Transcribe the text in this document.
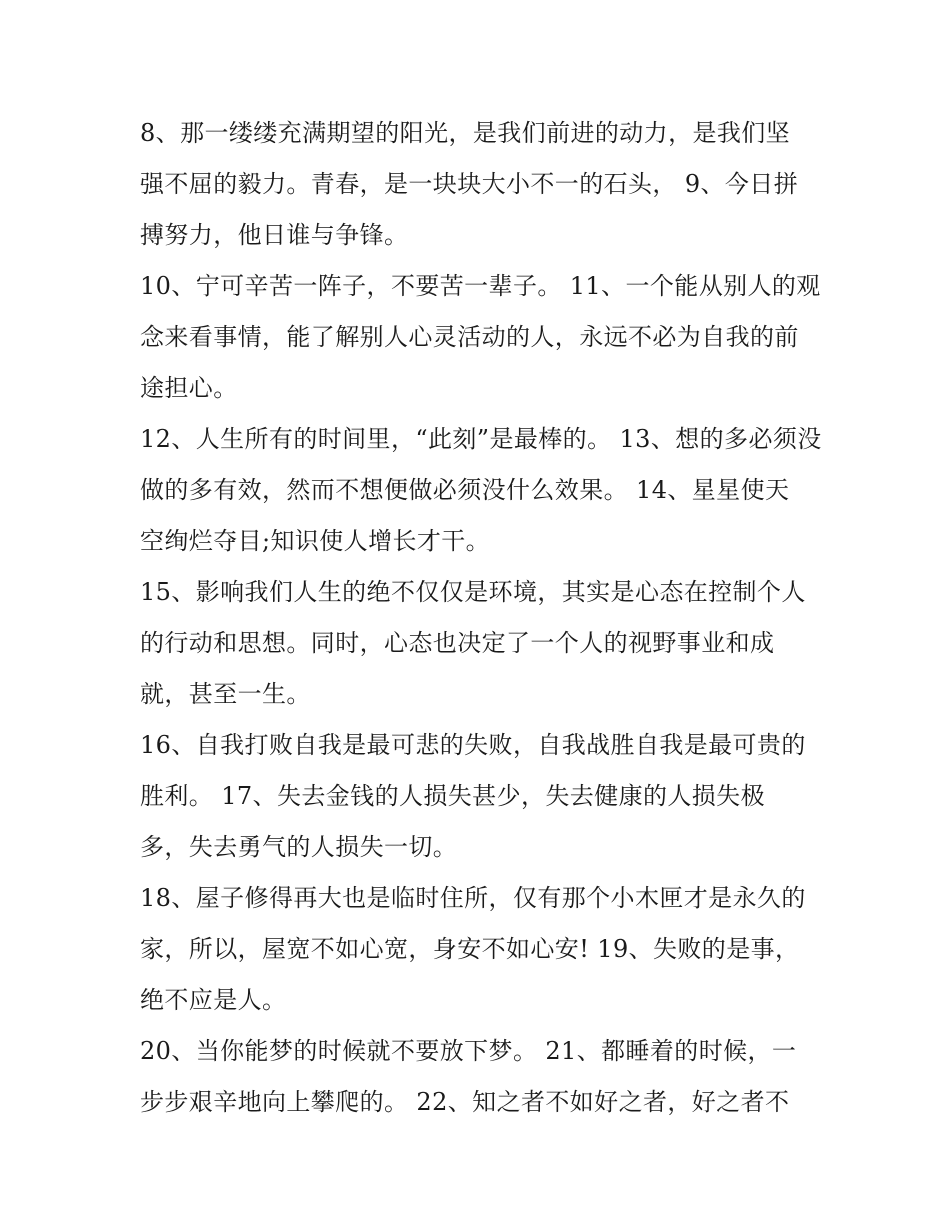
8、那一缕缕充满期望的阳光，是我们前进的动力，是我们坚
强不屈的毅力。青春，是一块块大小不一的石头， 9、今日拼
搏努力，他日谁与争锋。
10、宁可辛苦一阵子，不要苦一辈子。 11、一个能从别人的观
念来看事情，能了解别人心灵活动的人，永远不必为自我的前
途担心。
12、人生所有的时间里，“此刻”是最棒的。 13、想的多必须没
做的多有效，然而不想便做必须没什么效果。 14、星星使天
空绚烂夺目;知识使人增长才干。
15、影响我们人生的绝不仅仅是环境，其实是心态在控制个人
的行动和思想。同时，心态也决定了一个人的视野事业和成
就，甚至一生。
16、自我打败自我是最可悲的失败，自我战胜自我是最可贵的
胜利。 17、失去金钱的人损失甚少，失去健康的人损失极
多，失去勇气的人损失一切。
18、屋子修得再大也是临时住所，仅有那个小木匣才是永久的
家，所以，屋宽不如心宽，身安不如心安! 19、失败的是事，
绝不应是人。
20、当你能梦的时候就不要放下梦。 21、都睡着的时候，一
步步艰辛地向上攀爬的。 22、知之者不如好之者，好之者不
